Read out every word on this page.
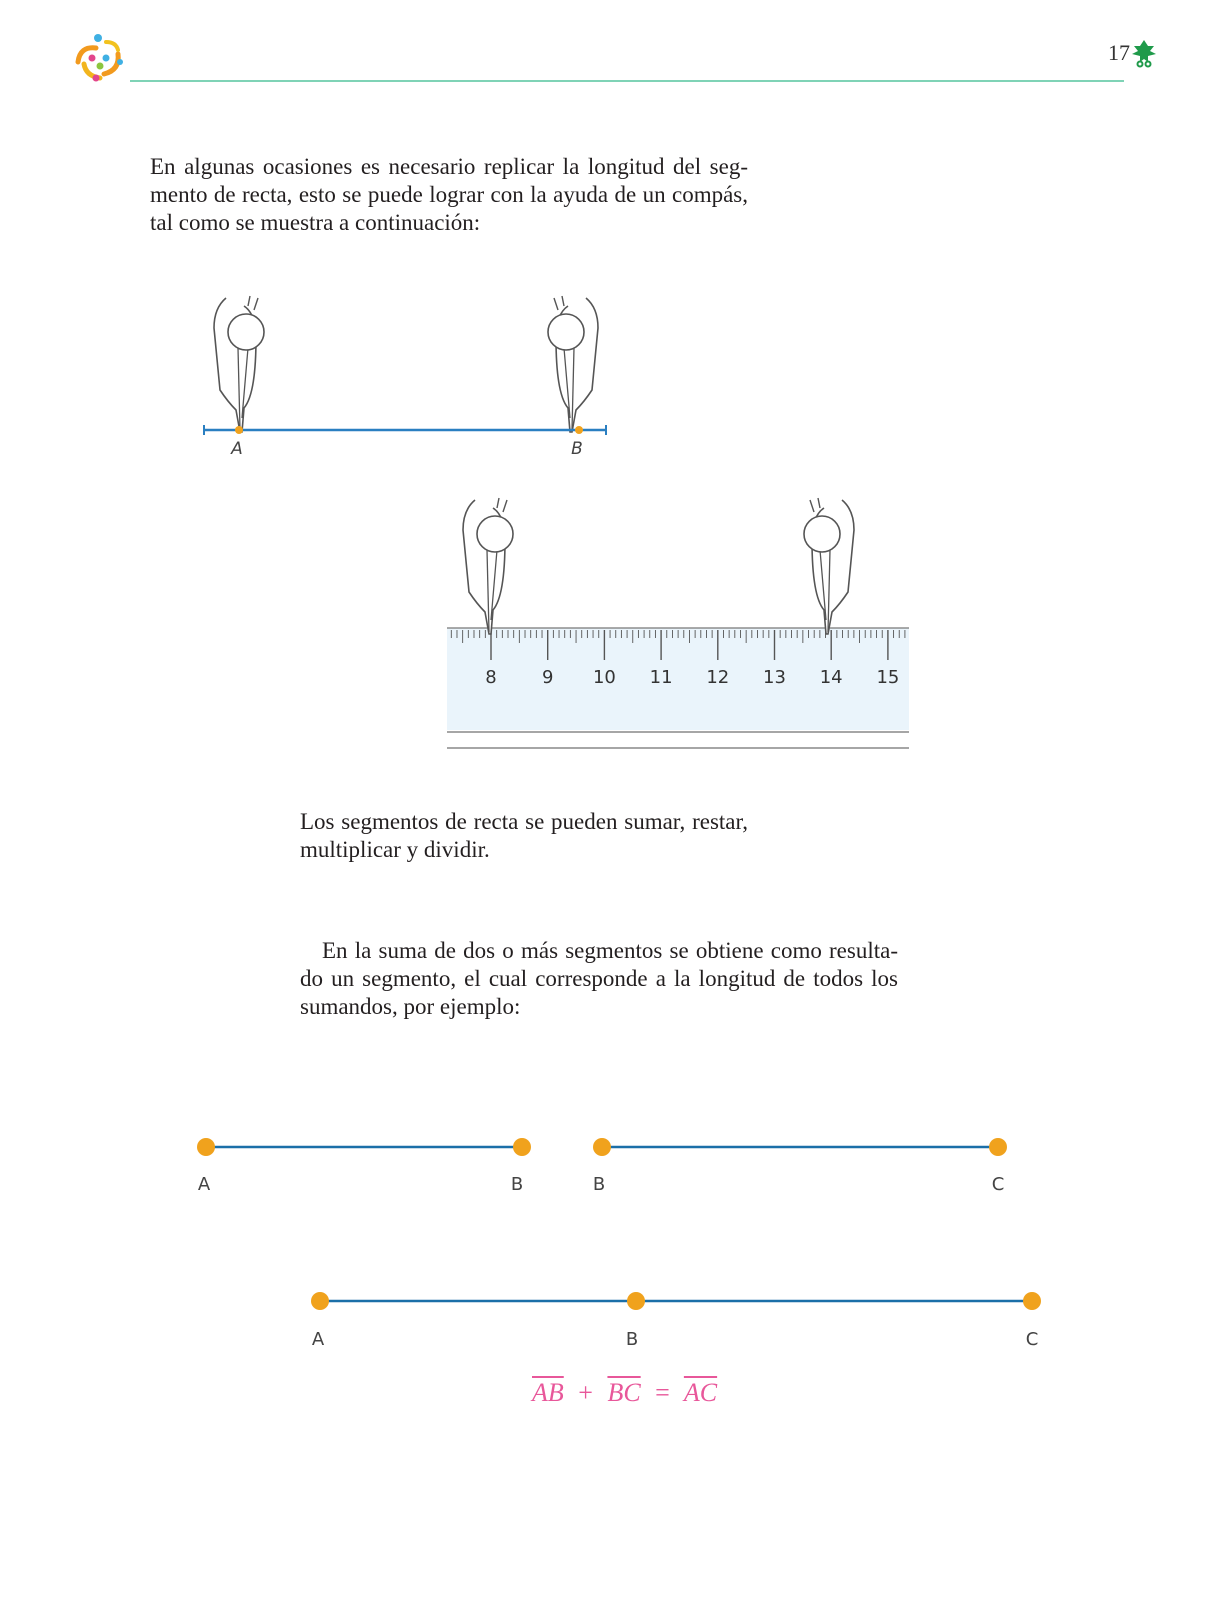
17
En algunas ocasiones es necesario replicar la longitud del seg-
mento de recta, esto se puede lograr con la ayuda de un compás,
tal como se muestra a continuación:
A	B
8	9 10 11 12 13 14 15
Los segmentos de recta se pueden sumar, restar,
multiplicar y dividir.
En la suma de dos o más segmentos se obtiene como resulta-
do un segmento, el cual corresponde a la longitud de todos los
sumandos, por ejemplo:
A	B	B	C
A	B	C
$\overline{AB} + \overline{BC} = \overline{AC}$
